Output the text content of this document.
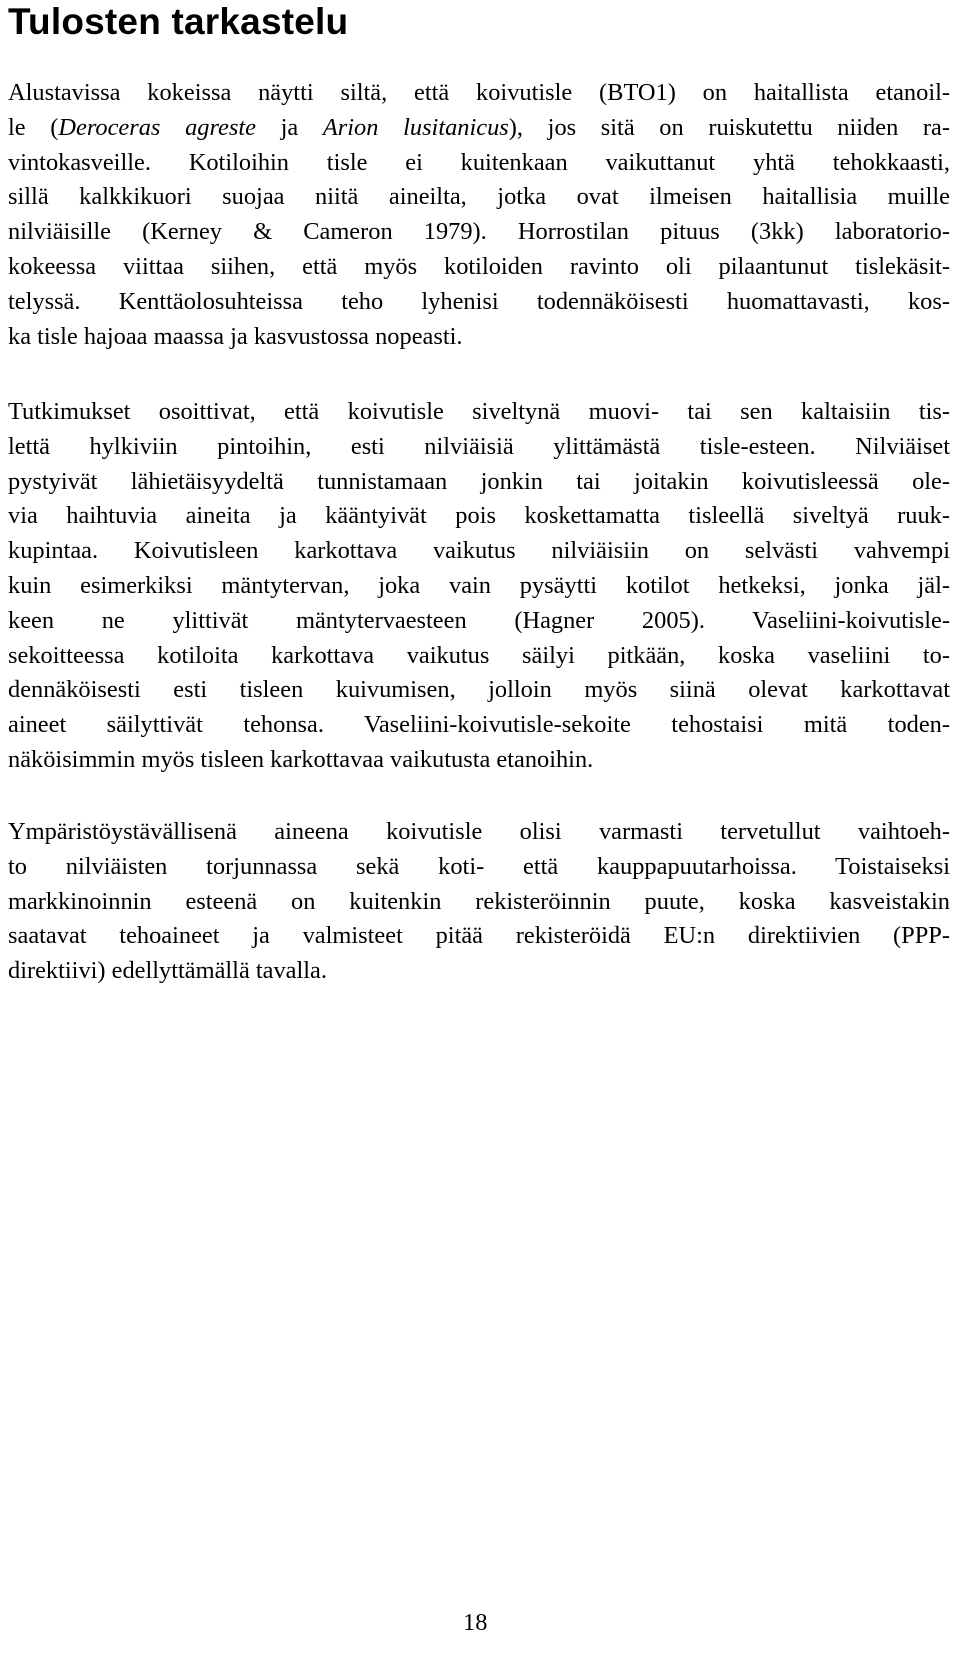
Tulosten tarkastelu
Alustavissa kokeissa näytti siltä, että koivutisle (BTO1) on haitallista etanoil-
le (Deroceras agreste ja Arion lusitanicus), jos sitä on ruiskutettu niiden ra-
vintokasveille. Kotiloihin tisle ei kuitenkaan vaikuttanut yhtä tehokkaasti,
sillä kalkkikuori suojaa niitä aineilta, jotka ovat ilmeisen haitallisia muille
nilviäisille (Kerney & Cameron 1979). Horrostilan pituus (3kk) laboratorio-
kokeessa viittaa siihen, että myös kotiloiden ravinto oli pilaantunut tislekäsit-
telyssä. Kenttäolosuhteissa teho lyhenisi todennäköisesti huomattavasti, kos-
ka tisle hajoaa maassa ja kasvustossa nopeasti.
Tutkimukset osoittivat, että koivutisle siveltynä muovi- tai sen kaltaisiin tis-
lettä hylkiviin pintoihin, esti nilviäisiä ylittämästä tisle-esteen. Nilviäiset
pystyivät lähietäisyydeltä tunnistamaan jonkin tai joitakin koivutisleessä ole-
via haihtuvia aineita ja kääntyivät pois koskettamatta tisleellä siveltyä ruuk-
kupintaa. Koivutisleen karkottava vaikutus nilviäisiin on selvästi vahvempi
kuin esimerkiksi mäntytervan, joka vain pysäytti kotilot hetkeksi, jonka jäl-
keen ne ylittivät mäntytervaesteen (Hagner 2005). Vaseliini-koivutisle-
sekoitteessa kotiloita karkottava vaikutus säilyi pitkään, koska vaseliini to-
dennäköisesti esti tisleen kuivumisen, jolloin myös siinä olevat karkottavat
aineet säilyttivät tehonsa. Vaseliini-koivutisle-sekoite tehostaisi mitä toden-
näköisimmin myös tisleen karkottavaa vaikutusta etanoihin.
Ympäristöystävällisenä aineena koivutisle olisi varmasti tervetullut vaihtoeh-
to nilviäisten torjunnassa sekä koti- että kauppapuutarhoissa. Toistaiseksi
markkinoinnin esteenä on kuitenkin rekisteröinnin puute, koska kasveistakin
saatavat tehoaineet ja valmisteet pitää rekisteröidä EU:n direktiivien (PPP-
direktiivi) edellyttämällä tavalla.
18
